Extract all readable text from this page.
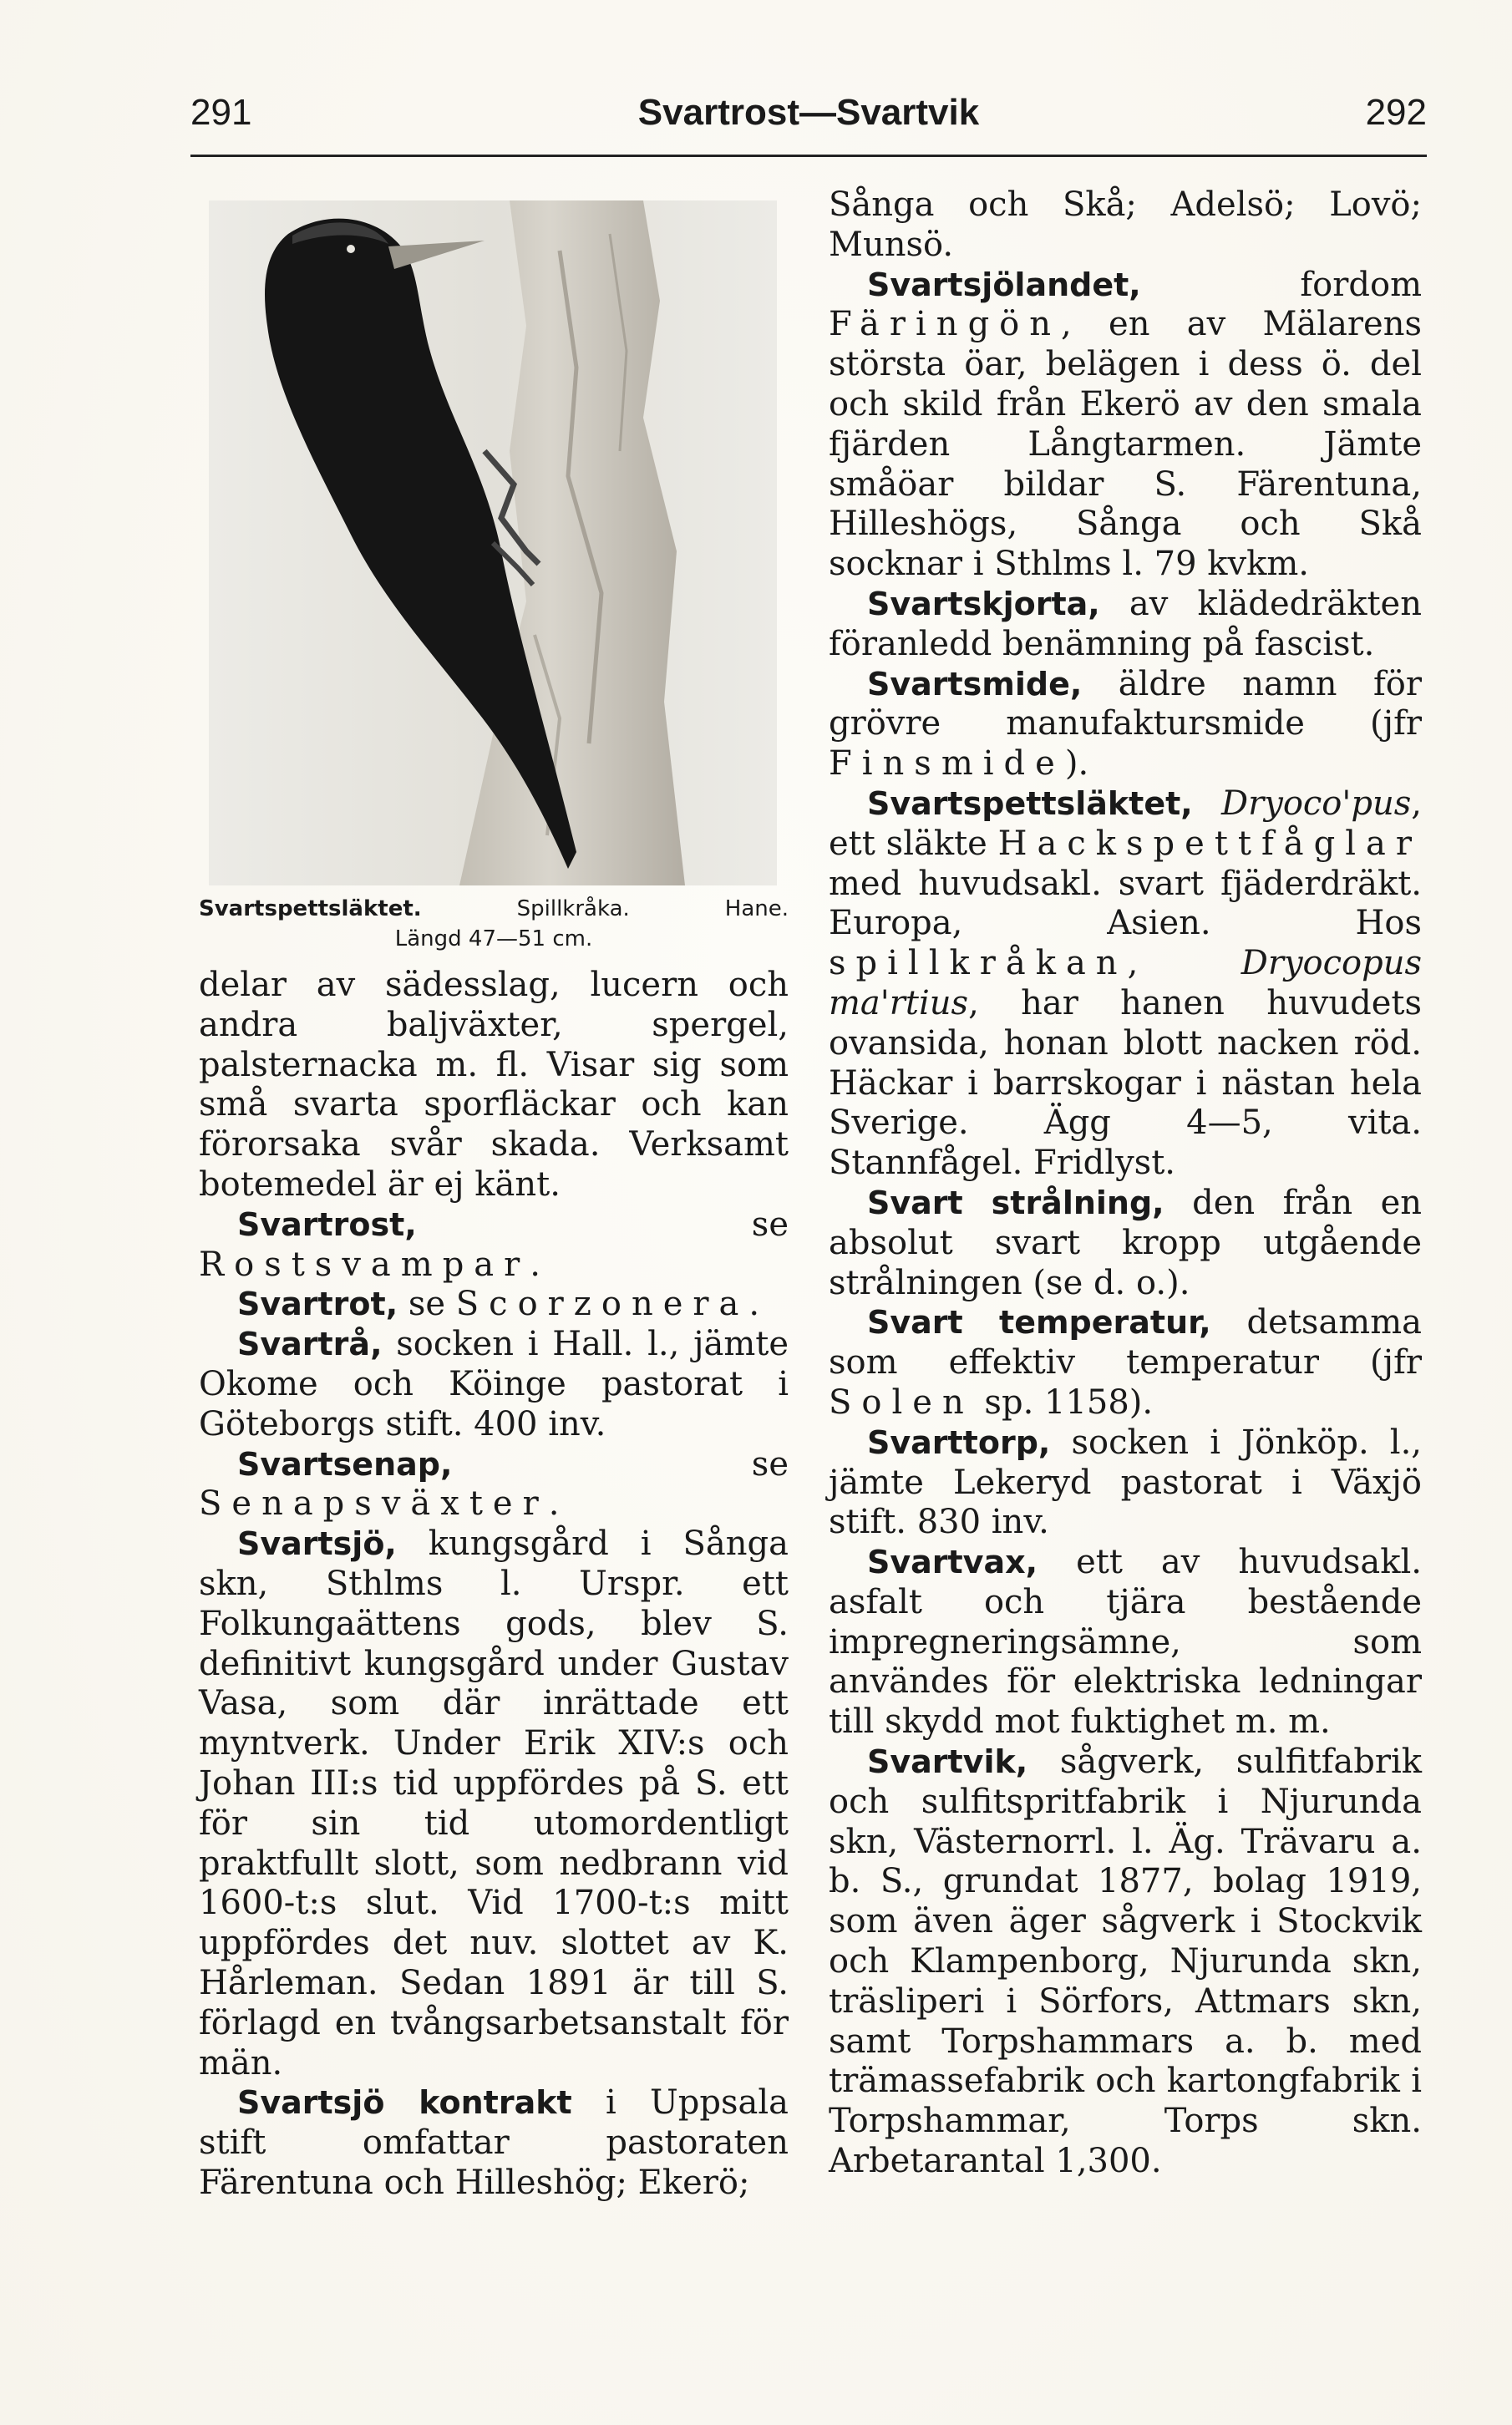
291	Svartrost—Svartvik	292
Svartspettsläktet.	Spillkråka.	Hane.
Längd 47—51 cm.

delar av sädesslag, lucern och andra baljväxter, spergel, palsternacka m. fl. Visar sig som små svarta sporfläckar och kan förorsaka svår skada. Verksamt botemedel är ej känt.

Svartrost, se Rostsvampar.

Svartrot, se Scorzonera.

Svartrå, socken i Hall. l., jämte Okome och Köinge pastorat i Göteborgs stift. 400 inv.

Svartsenap, se Senapsväxter.

Svartsjö, kungsgård i Sånga skn, Sthlms l. Urspr. ett Folkungaättens gods, blev S. definitivt kungsgård under Gustav Vasa, som där inrättade ett myntverk. Under Erik XIV:s och Johan III:s tid uppfördes på S. ett för sin tid utomordentligt praktfullt slott, som nedbrann vid 1600-t:s slut. Vid 1700-t:s mitt uppfördes det nuv. slottet av K. Hårleman. Sedan 1891 är till S. förlagd en tvångsarbetsanstalt för män.

Svartsjö kontrakt i Uppsala stift omfattar pastoraten Färentuna och Hilleshög; Ekerö;

Sånga och Skå; Adelsö; Lovö; Munsö.

Svartsjölandet, fordom Färingön, en av Mälarens största öar, belägen i dess ö. del och skild från Ekerö av den smala fjärden Långtarmen. Jämte småöar bildar S. Färentuna, Hilleshögs, Sånga och Skå socknar i Sthlms l. 79 kvkm.

Svartskjorta, av klädedräkten föranledd benämning på fascist.

Svartsmide, äldre namn för grövre manufaktursmide (jfr Finsmide).

Svartspettsläktet, Dryoco'pus, ett släkte Hackspettfåglar med huvudsakl. svart fjäderdräkt. Europa, Asien. Hos spillkråkan, Dryocopus ma'rtius, har hanen huvudets ovansida, honan blott nacken röd. Häckar i barrskogar i nästan hela Sverige. Ägg 4—5, vita. Stannfågel. Fridlyst.

Svart strålning, den från en absolut svart kropp utgående strålningen (se d. o.).

Svart temperatur, detsamma som effektiv temperatur (jfr Solen sp. 1158).

Svarttorp, socken i Jönköp. l., jämte Lekeryd pastorat i Växjö stift. 830 inv.

Svartvax, ett av huvudsakl. asfalt och tjära bestående impregneringsämne, som användes för elektriska ledningar till skydd mot fuktighet m. m.

Svartvik, sågverk, sulfitfabrik och sulfitspritfabrik i Njurunda skn, Västernorrl. l. Äg. Trävaru a. b. S., grundat 1877, bolag 1919, som även äger sågverk i Stockvik och Klampenborg, Njurunda skn, träsliperi i Sörfors, Attmars skn, samt Torpshammars a. b. med trämassefabrik och kartongfabrik i Torpshammar, Torps skn. Arbetarantal 1,300.
